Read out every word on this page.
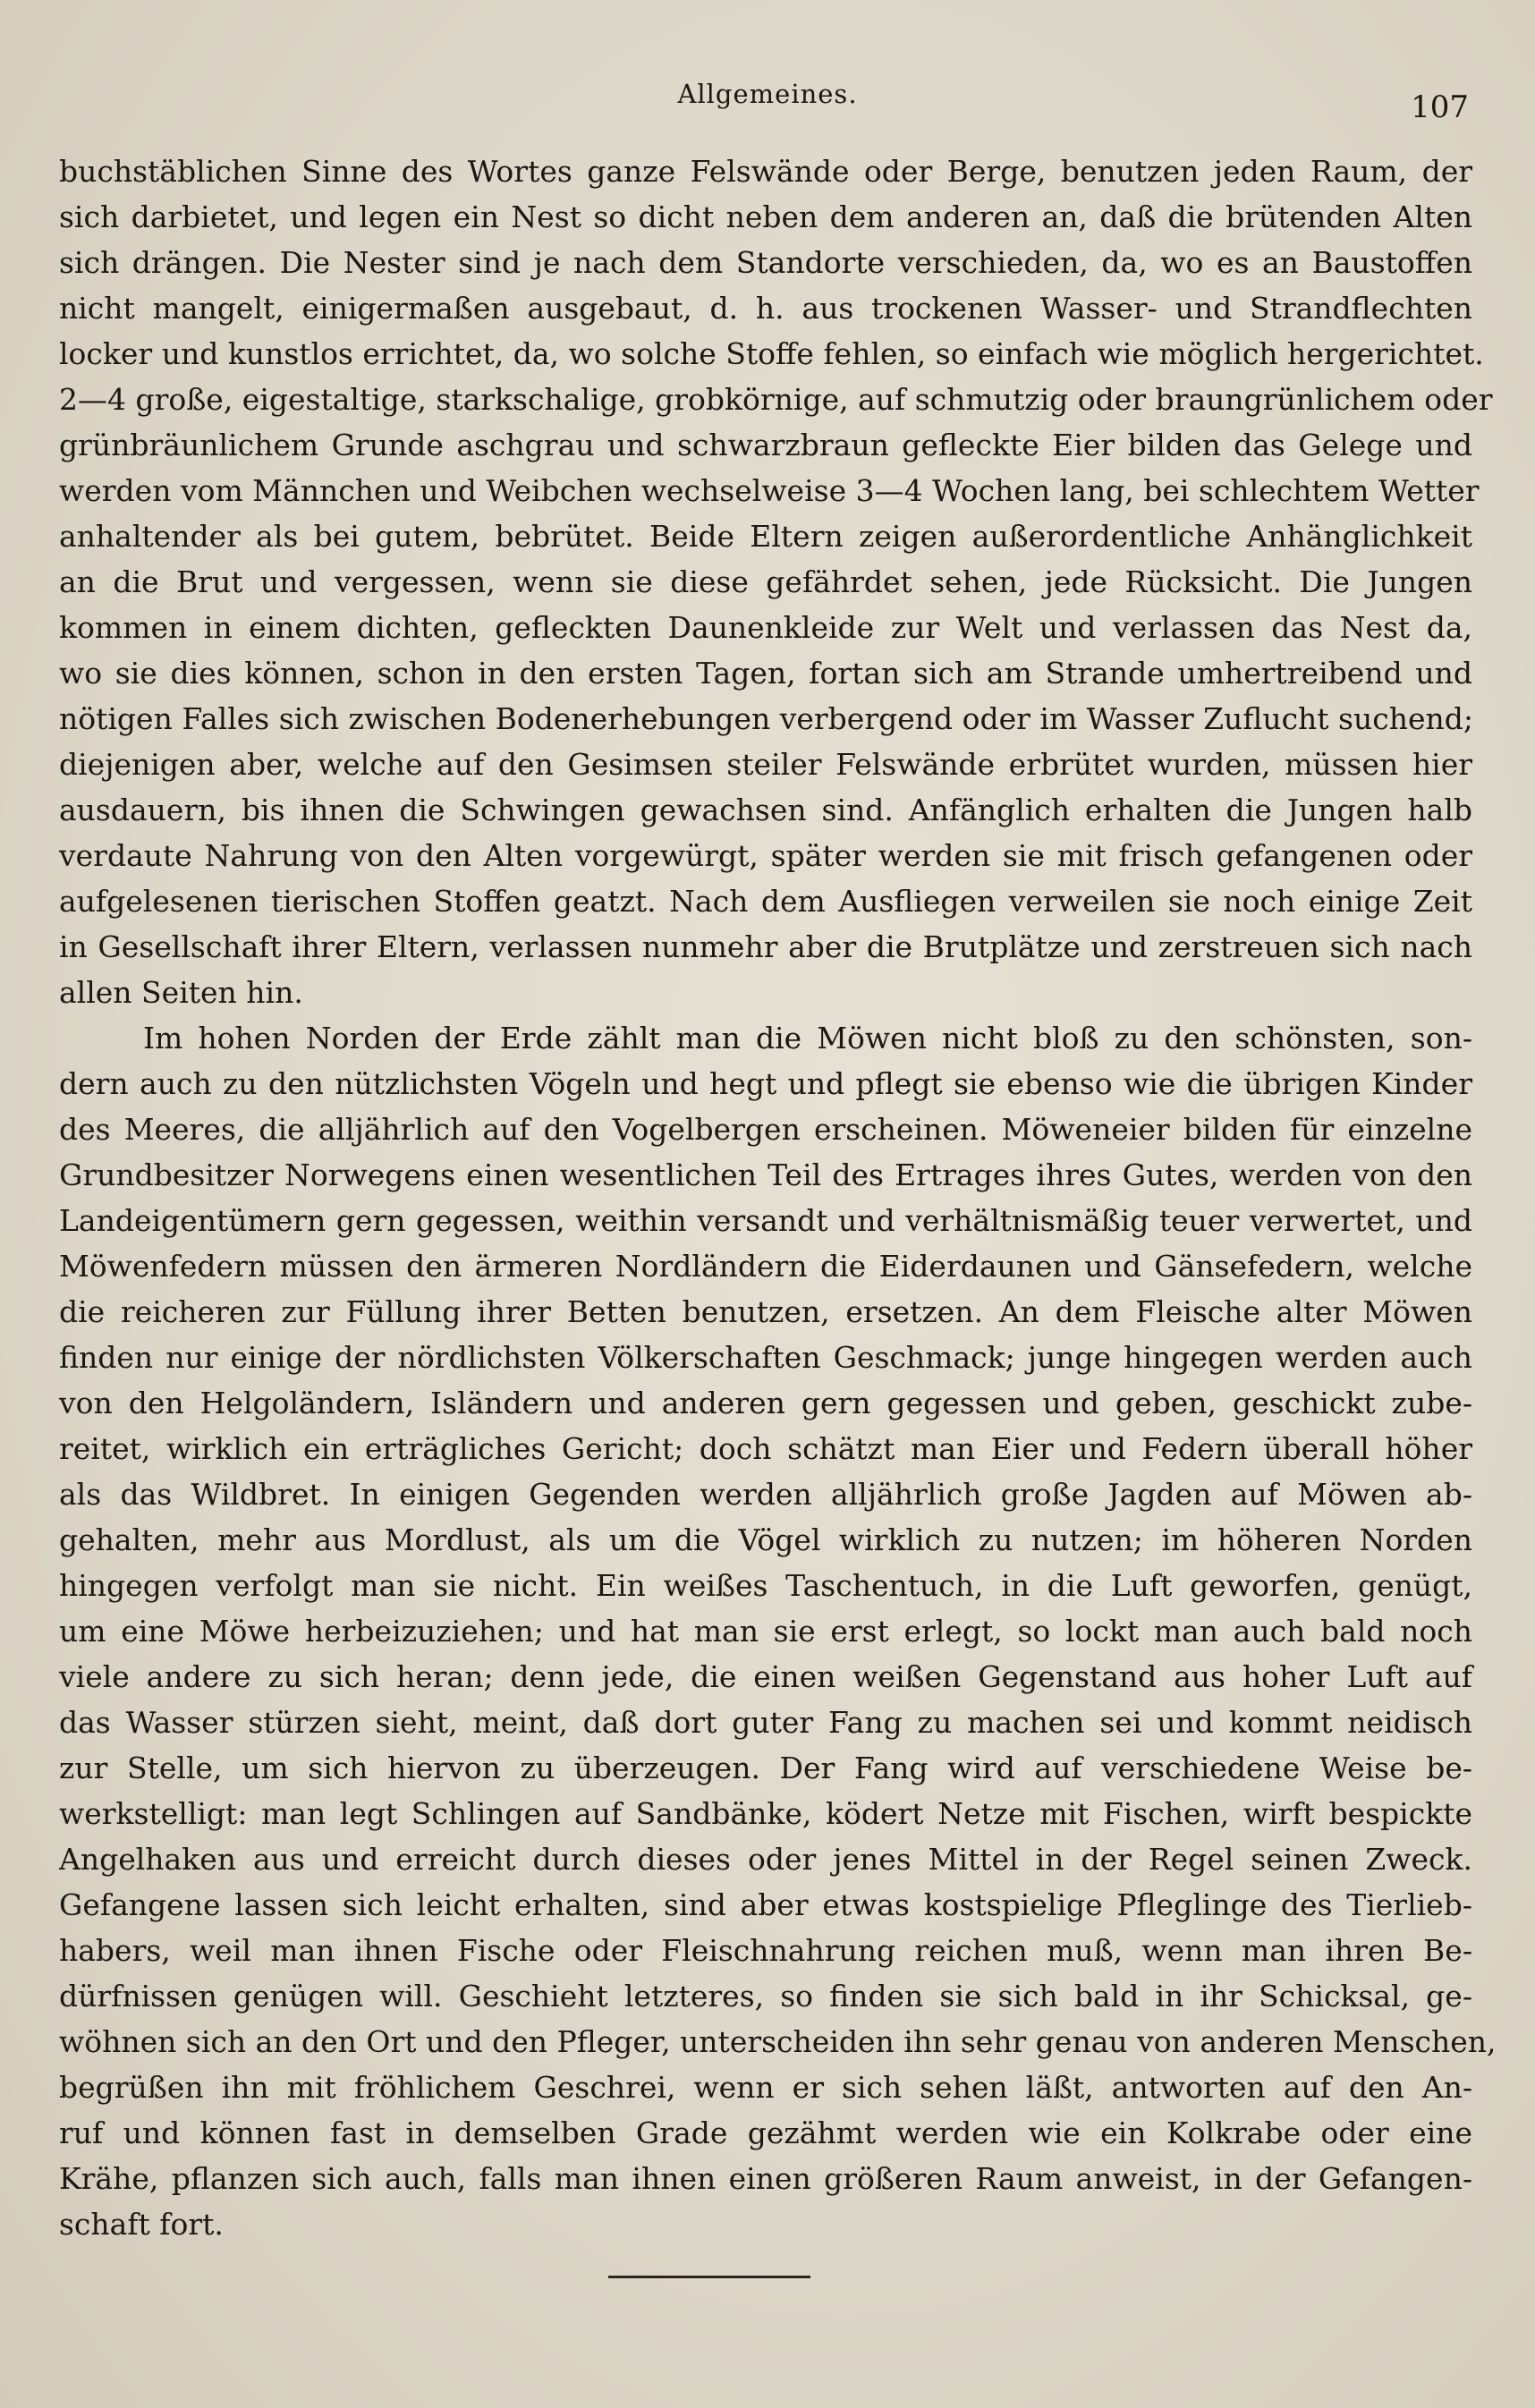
Allgemeines.	107
buchstäblichen Sinne des Wortes ganze Felswände oder Berge, benutzen jeden Raum, der
sich darbietet, und legen ein Nest so dicht neben dem anderen an, daß die brütenden Alten
sich drängen. Die Nester sind je nach dem Standorte verschieden, da, wo es an Baustoffen
nicht mangelt, einigermaßen ausgebaut, d. h. aus trockenen Wasser- und Strandflechten
locker und kunstlos errichtet, da, wo solche Stoffe fehlen, so einfach wie möglich hergerichtet.
2—4 große, eigestaltige, starkschalige, grobkörnige, auf schmutzig oder braungrünlichem oder
grünbräunlichem Grunde aschgrau und schwarzbraun gefleckte Eier bilden das Gelege und
werden vom Männchen und Weibchen wechselweise 3—4 Wochen lang, bei schlechtem Wetter
anhaltender als bei gutem, bebrütet. Beide Eltern zeigen außerordentliche Anhänglichkeit
an die Brut und vergessen, wenn sie diese gefährdet sehen, jede Rücksicht. Die Jungen
kommen in einem dichten, gefleckten Daunenkleide zur Welt und verlassen das Nest da,
wo sie dies können, schon in den ersten Tagen, fortan sich am Strande umhertreibend und
nötigen Falles sich zwischen Bodenerhebungen verbergend oder im Wasser Zuflucht suchend;
diejenigen aber, welche auf den Gesimsen steiler Felswände erbrütet wurden, müssen hier
ausdauern, bis ihnen die Schwingen gewachsen sind. Anfänglich erhalten die Jungen halb
verdaute Nahrung von den Alten vorgewürgt, später werden sie mit frisch gefangenen oder
aufgelesenen tierischen Stoffen geatzt. Nach dem Ausfliegen verweilen sie noch einige Zeit
in Gesellschaft ihrer Eltern, verlassen nunmehr aber die Brutplätze und zerstreuen sich nach
allen Seiten hin.
Im hohen Norden der Erde zählt man die Möwen nicht bloß zu den schönsten, son-
dern auch zu den nützlichsten Vögeln und hegt und pflegt sie ebenso wie die übrigen Kinder
des Meeres, die alljährlich auf den Vogelbergen erscheinen. Möweneier bilden für einzelne
Grundbesitzer Norwegens einen wesentlichen Teil des Ertrages ihres Gutes, werden von den
Landeigentümern gern gegessen, weithin versandt und verhältnismäßig teuer verwertet, und
Möwenfedern müssen den ärmeren Nordländern die Eiderdaunen und Gänsefedern, welche
die reicheren zur Füllung ihrer Betten benutzen, ersetzen. An dem Fleische alter Möwen
finden nur einige der nördlichsten Völkerschaften Geschmack; junge hingegen werden auch
von den Helgoländern, Isländern und anderen gern gegessen und geben, geschickt zube-
reitet, wirklich ein erträgliches Gericht; doch schätzt man Eier und Federn überall höher
als das Wildbret. In einigen Gegenden werden alljährlich große Jagden auf Möwen ab-
gehalten, mehr aus Mordlust, als um die Vögel wirklich zu nutzen; im höheren Norden
hingegen verfolgt man sie nicht. Ein weißes Taschentuch, in die Luft geworfen, genügt,
um eine Möwe herbeizuziehen; und hat man sie erst erlegt, so lockt man auch bald noch
viele andere zu sich heran; denn jede, die einen weißen Gegenstand aus hoher Luft auf
das Wasser stürzen sieht, meint, daß dort guter Fang zu machen sei und kommt neidisch
zur Stelle, um sich hiervon zu überzeugen. Der Fang wird auf verschiedene Weise be-
werkstelligt: man legt Schlingen auf Sandbänke, ködert Netze mit Fischen, wirft bespickte
Angelhaken aus und erreicht durch dieses oder jenes Mittel in der Regel seinen Zweck.
Gefangene lassen sich leicht erhalten, sind aber etwas kostspielige Pfleglinge des Tierlieb-
habers, weil man ihnen Fische oder Fleischnahrung reichen muß, wenn man ihren Be-
dürfnissen genügen will. Geschieht letzteres, so finden sie sich bald in ihr Schicksal, ge-
wöhnen sich an den Ort und den Pfleger, unterscheiden ihn sehr genau von anderen Menschen,
begrüßen ihn mit fröhlichem Geschrei, wenn er sich sehen läßt, antworten auf den An-
ruf und können fast in demselben Grade gezähmt werden wie ein Kolkrabe oder eine
Krähe, pflanzen sich auch, falls man ihnen einen größeren Raum anweist, in der Gefangen-
schaft fort.
